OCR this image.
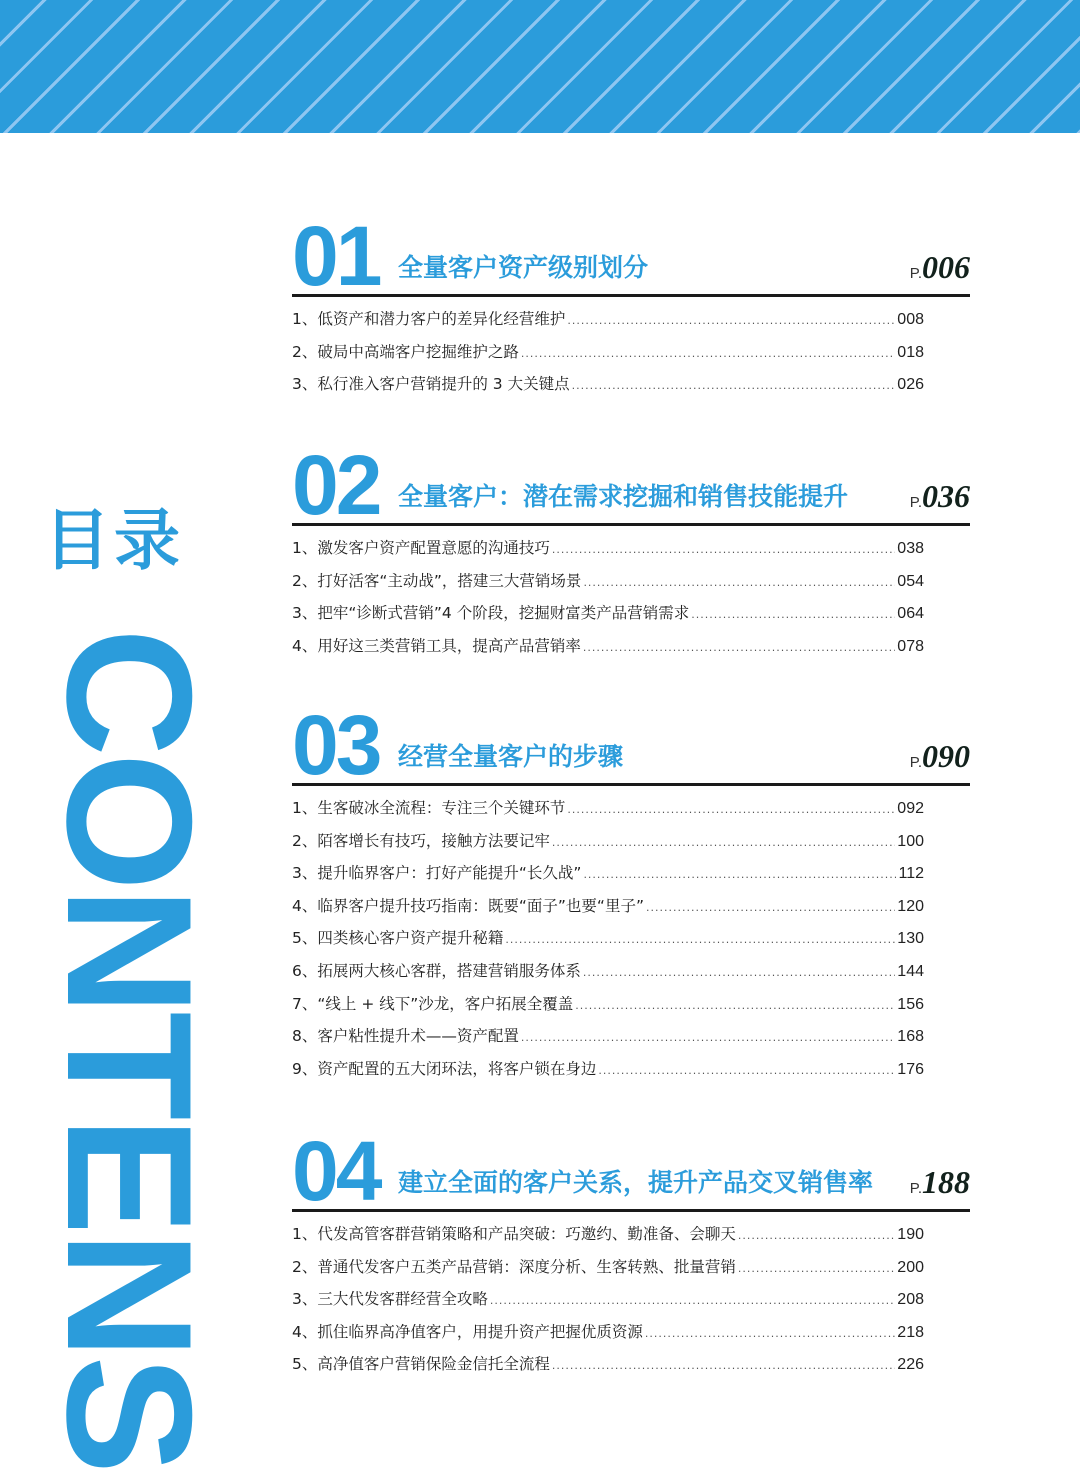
目录
CONTENS
01 全量客户资产级别划分	P.006
1、低资产和潜力客户的差异化经营维护 .....	008
2、破局中高端客户挖掘维护之路 .....	018
3、私行准入客户营销提升的 3 大关键点 .....	026
02 全量客户：潜在需求挖掘和销售技能提升	P.036
1、激发客户资产配置意愿的沟通技巧 .....	038
2、打好活客“主动战”，搭建三大营销场景 .....	054
3、把牢“诊断式营销”4 个阶段，挖掘财富类产品营销需求 .....	064
4、用好这三类营销工具，提高产品营销率 .....	078
03 经营全量客户的步骤	P.090
1、生客破冰全流程：专注三个关键环节 .....	092
2、陌客增长有技巧，接触方法要记牢 .....	100
3、提升临界客户：打好产能提升“长久战” .....	112
4、临界客户提升技巧指南：既要“面子”也要“里子” .....	120
5、四类核心客户资产提升秘籍 .....	130
6、拓展两大核心客群，搭建营销服务体系 .....	144
7、“线上 + 线下”沙龙，客户拓展全覆盖 .....	156
8、客户粘性提升术——资产配置 .....	168
9、资产配置的五大闭环法，将客户锁在身边 .....	176
04 建立全面的客户关系，提升产品交叉销售率 P.188
1、代发高管客群营销策略和产品突破：巧邀约、勤准备、会聊天 .....	190
2、普通代发客户五类产品营销：深度分析、生客转熟、批量营销 .....	200
3、三大代发客群经营全攻略 .....	208
4、抓住临界高净值客户，用提升资产把握优质资源 .....	218
5、高净值客户营销保险金信托全流程 .....	226
